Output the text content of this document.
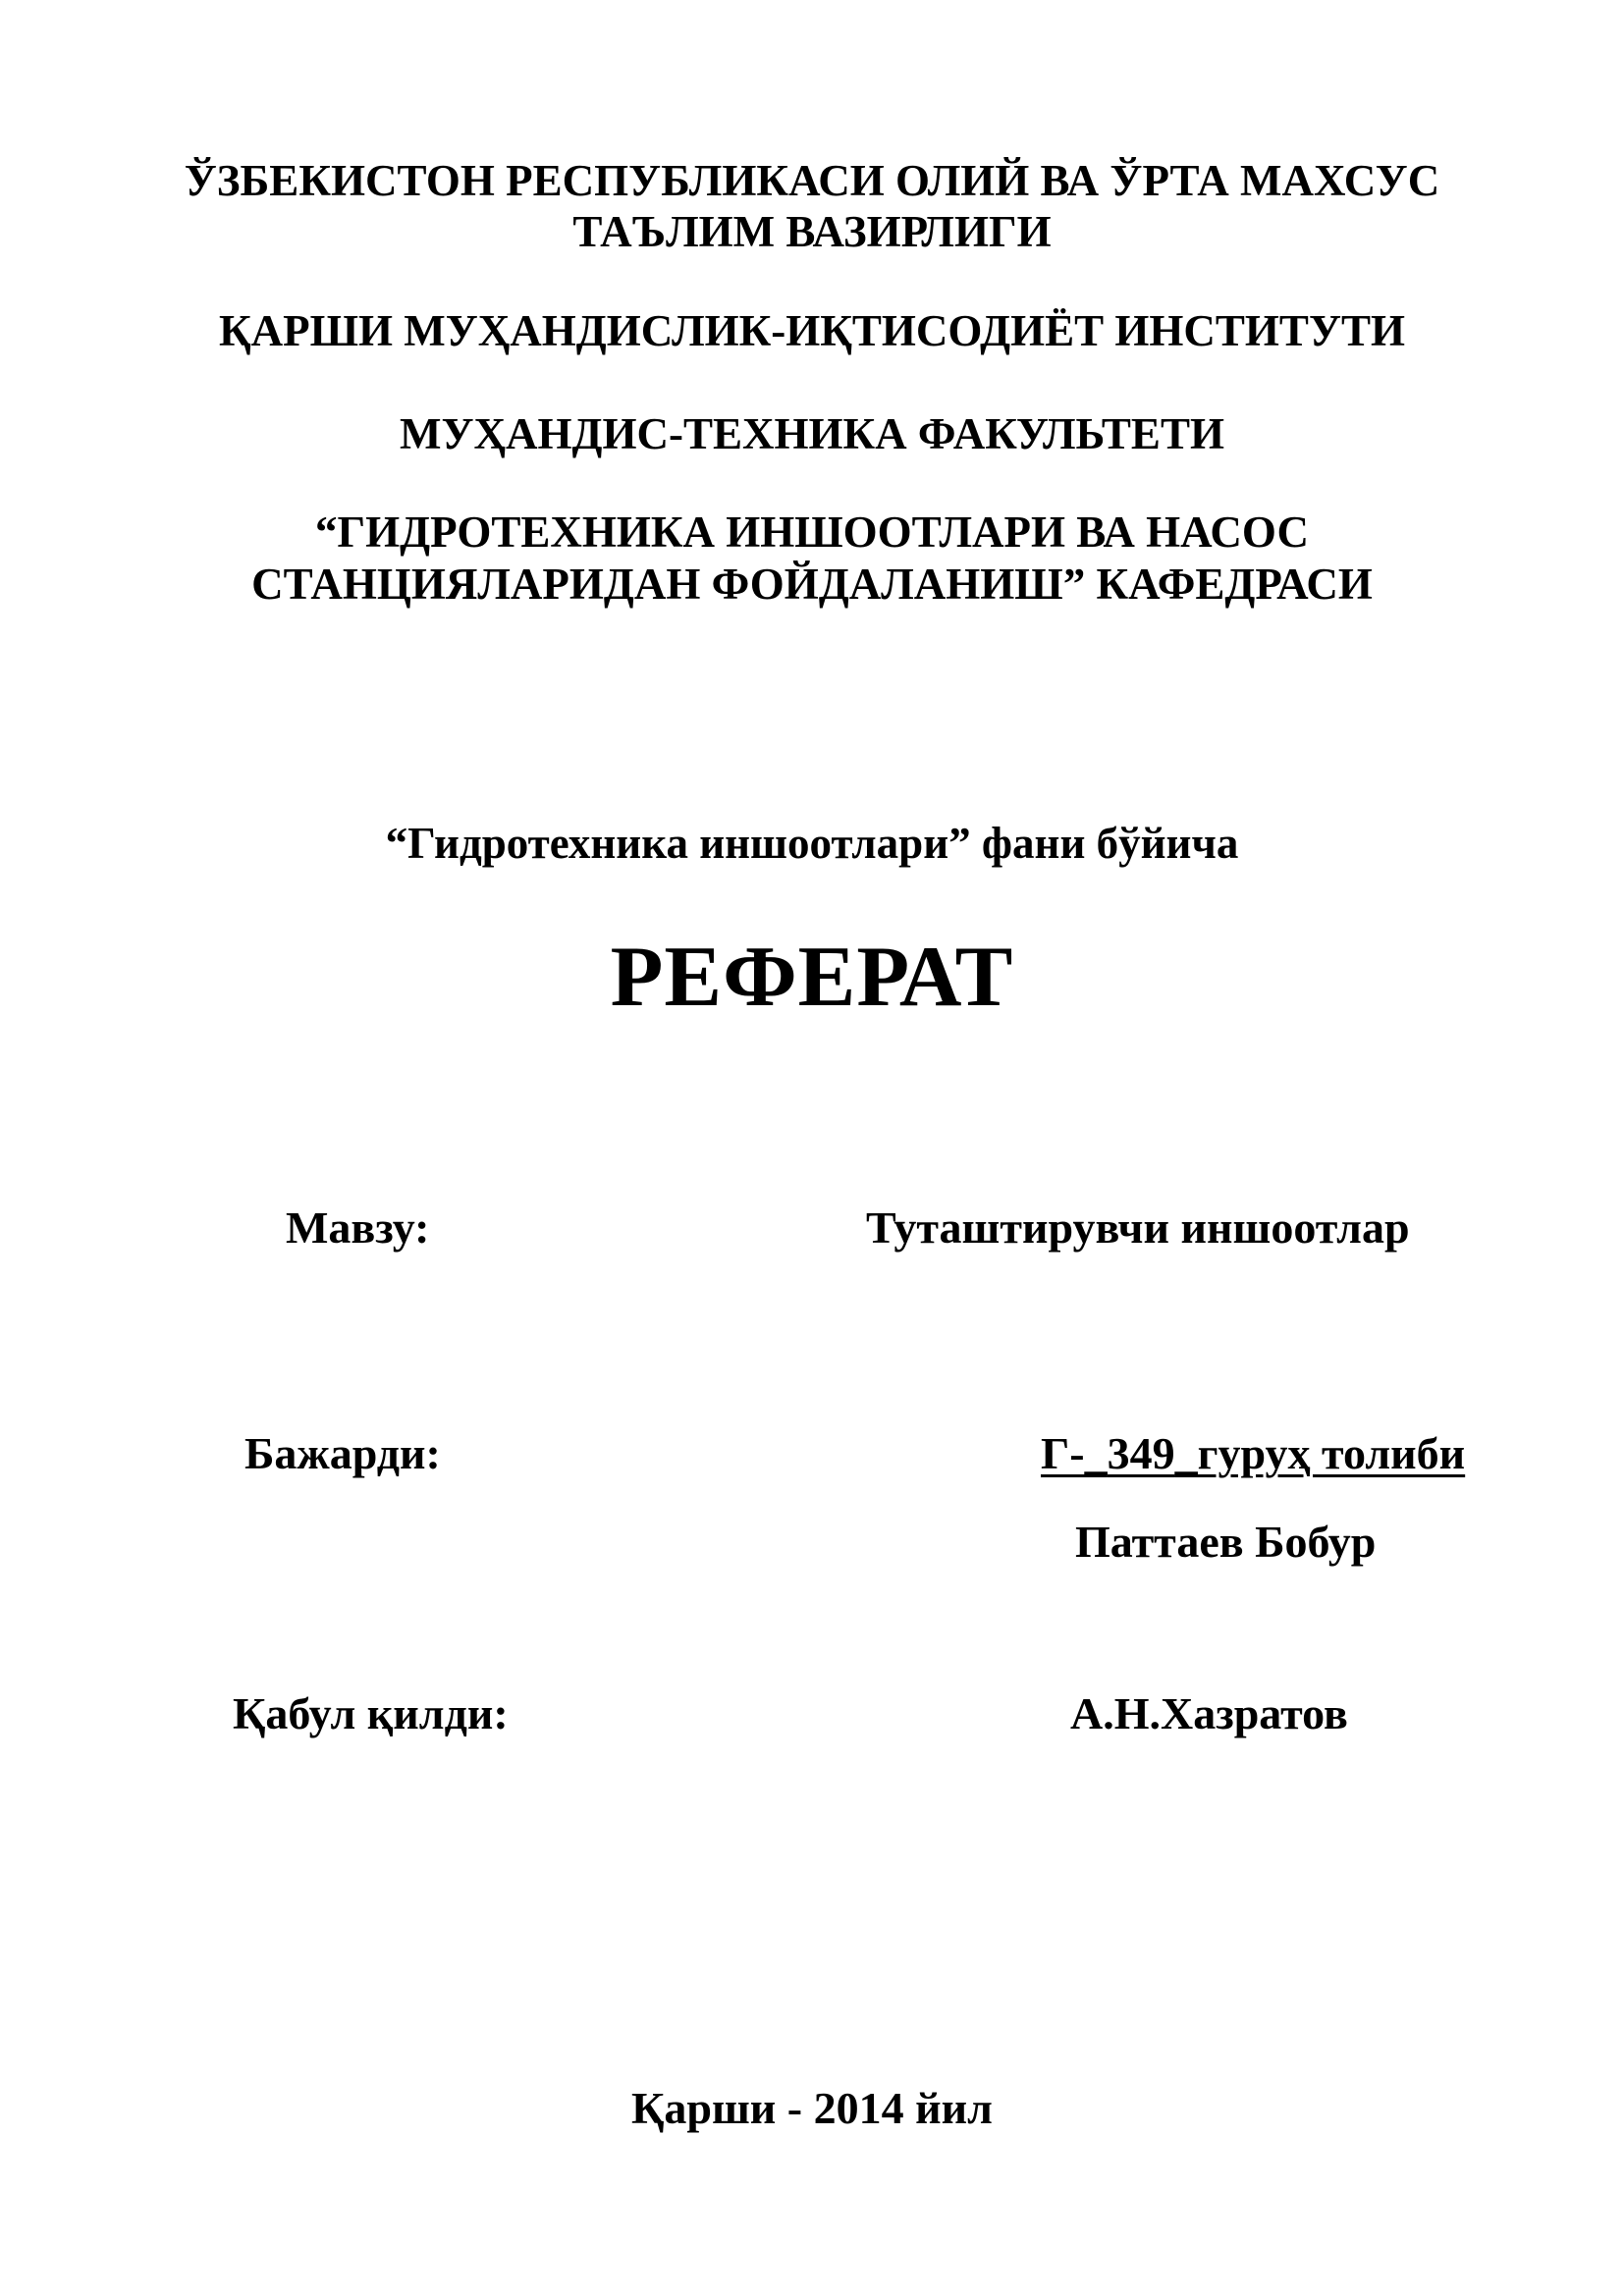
ЎЗБЕКИСТОН РЕСПУБЛИКАСИ ОЛИЙ ВА ЎРТА МАХСУС
ТАЪЛИМ ВАЗИРЛИГИ
ҚАРШИ МУҲАНДИСЛИК-ИҚТИСОДИЁТ ИНСТИТУТИ
МУҲАНДИС-ТЕХНИКА ФАКУЛЬТЕТИ
“ГИДРОТЕХНИКА ИНШООТЛАРИ ВА НАСОС
СТАНЦИЯЛАРИДАН ФОЙДАЛАНИШ” КАФЕДРАСИ
“Гидротехника иншоотлари” фани бўйича
РЕФЕРАТ
Мавзу:	Туташтирувчи иншоотлар
Бажарди:	Г-_349_гуруҳ толиби
Паттаев Бобур
Қабул қилди:	А.Н.Хазратов
Қарши - 2014 йил
